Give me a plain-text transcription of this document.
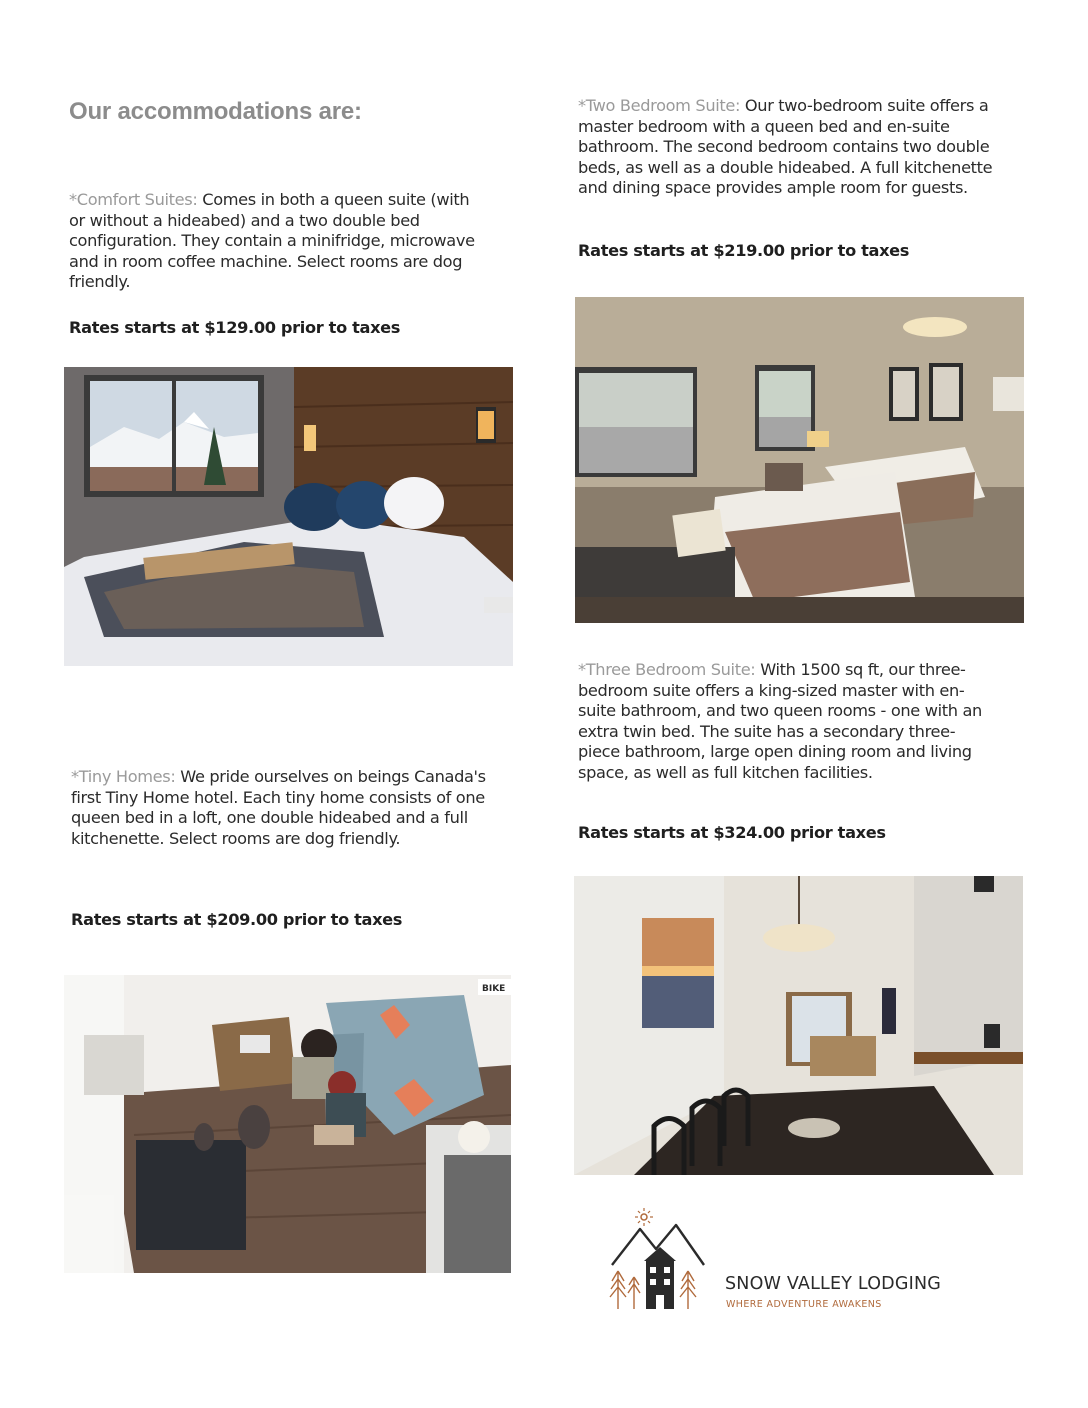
Our accommodations are:
*Comfort Suites: Comes in both a queen suite (with or without a hideabed) and a two double bed configuration. They contain a minifridge, microwave and in room coffee machine. Select rooms are dog friendly.
Rates starts at $129.00 prior to taxes
*Two Bedroom Suite: Our two-bedroom suite offers a master bedroom with a queen bed and en-suite bathroom. The second bedroom contains two double beds, as well as a double hideabed. A full kitchenette and dining space provides ample room for guests.
Rates starts at $219.00 prior to taxes
*Three Bedroom Suite: With 1500 sq ft, our three-bedroom suite offers a king-sized master with en-suite bathroom, and two queen rooms - one with an extra twin bed. The suite has a secondary three-piece bathroom, large open dining room and living space, as well as full kitchen facilities.
Rates starts at $324.00 prior taxes
*Tiny Homes: We pride ourselves on beings Canada's first Tiny Home hotel. Each tiny home consists of one queen bed in a loft, one double hideabed and a full kitchenette. Select rooms are dog friendly.
Rates starts at $209.00 prior to taxes
BIKE
SNOW VALLEY LODGING
WHERE ADVENTURE AWAKENS
